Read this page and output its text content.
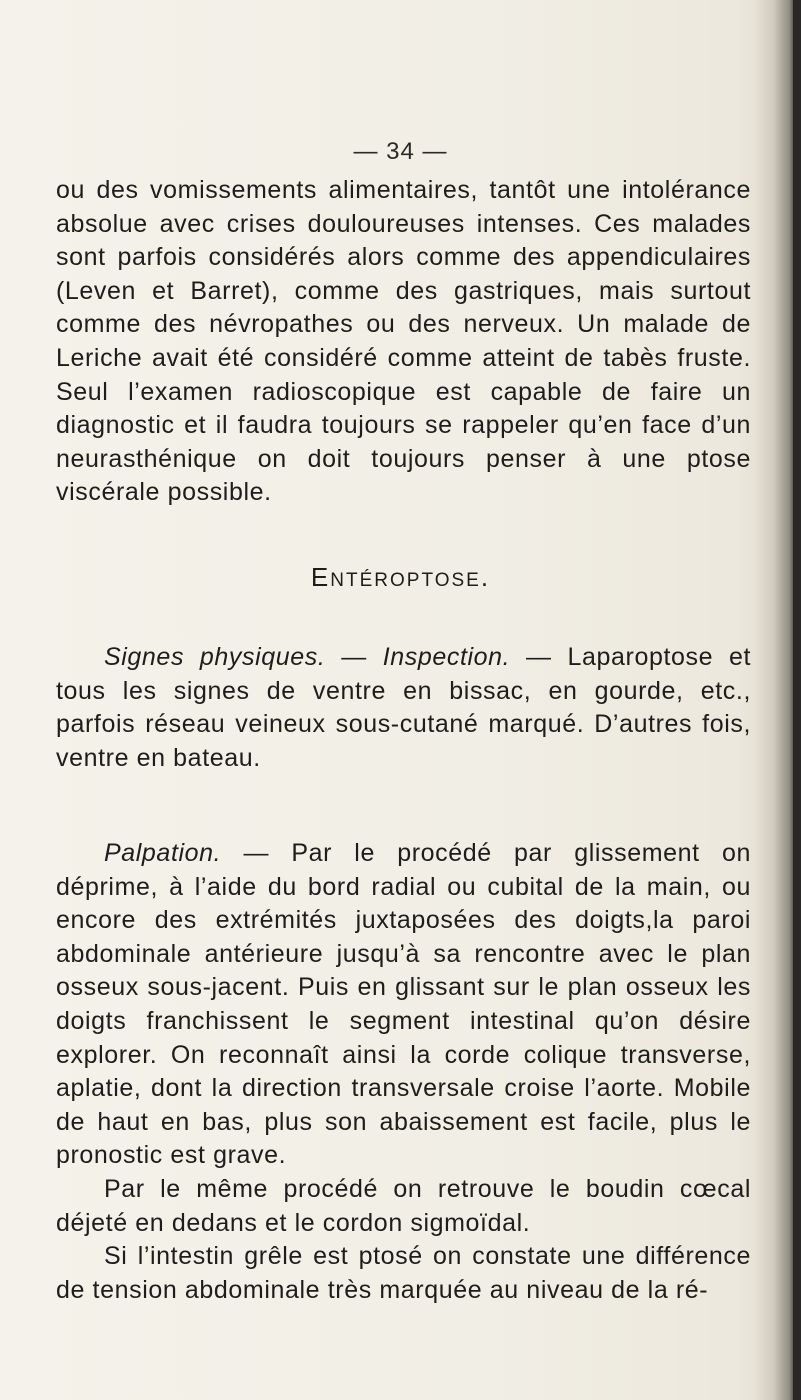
— 34 —

ou des vomissements alimentaires, tantôt une intolérance absolue avec crises douloureuses intenses. Ces malades sont parfois considérés alors comme des appendiculaires (Leven et Barret), comme des gastriques, mais surtout comme des névropathes ou des nerveux. Un malade de Leriche avait été considéré comme atteint de tabès fruste. Seul l’examen radioscopique est capable de faire un diagnostic et il faudra toujours se rappeler qu’en face d’un neurasthénique on doit toujours penser à une ptose viscérale possible.

ENTÉROPTOSE.

Signes physiques. — Inspection. — Laparoptose et tous les signes de ventre en bissac, en gourde, etc., parfois réseau veineux sous-cutané marqué. D’autres fois, ventre en bateau.

Palpation. — Par le procédé par glissement on déprime, à l’aide du bord radial ou cubital de la main, ou encore des extrémités juxtaposées des doigts,la paroi abdominale antérieure jusqu’à sa rencontre avec le plan osseux sous-jacent. Puis en glissant sur le plan osseux les doigts franchissent le segment intestinal qu’on désire explorer. On reconnaît ainsi la corde colique transverse, aplatie, dont la direction transversale croise l’aorte. Mobile de haut en bas, plus son abaissement est facile, plus le pronostic est grave.

Par le même procédé on retrouve le boudin cœcal déjeté en dedans et le cordon sigmoïdal.

Si l’intestin grêle est ptosé on constate une différence de tension abdominale très marquée au niveau de la ré-
